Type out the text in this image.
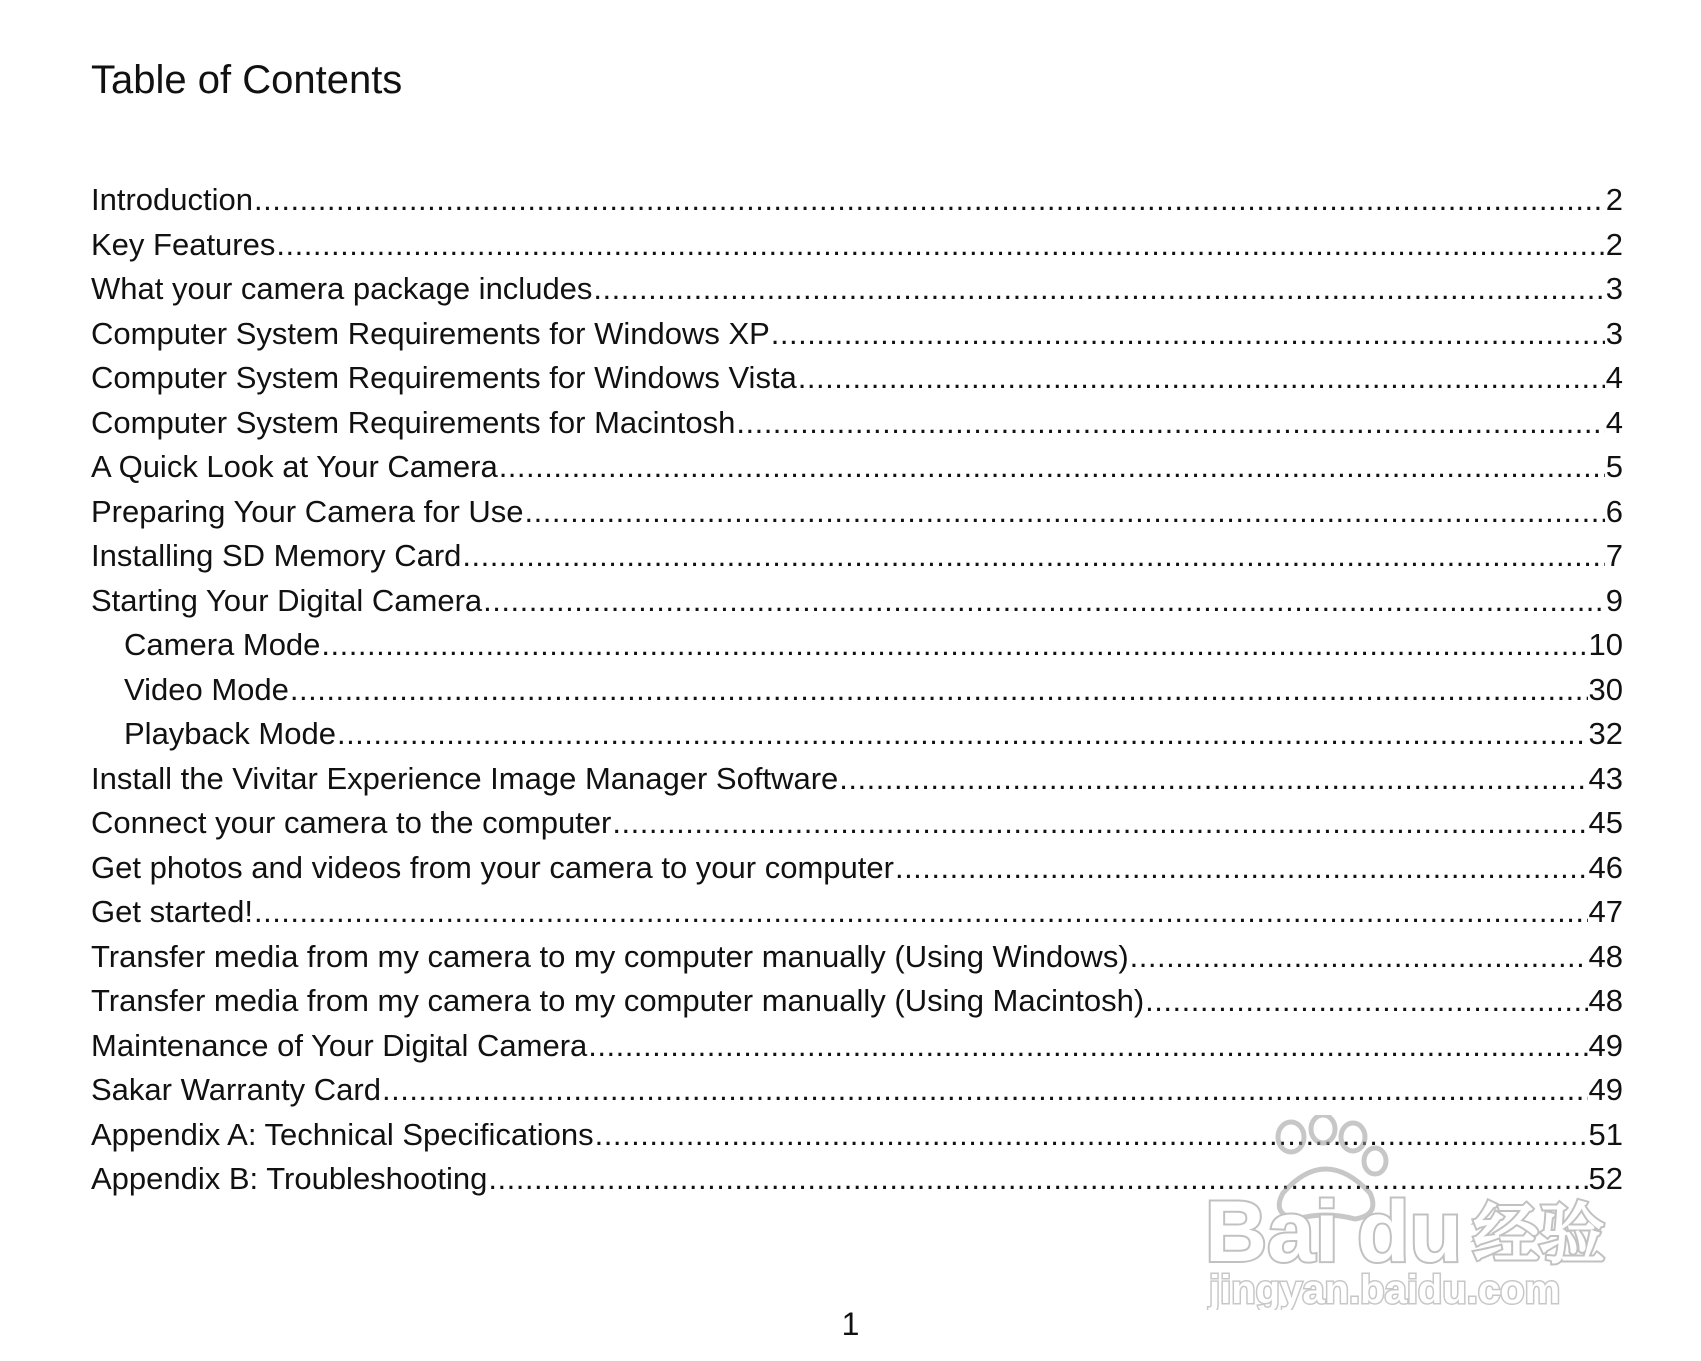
Table of Contents
Introduction .....	2
Key Features .....	2
What your camera package includes .....	3
Computer System Requirements for Windows XP .....	3
Computer System Requirements for Windows Vista .....	4
Computer System Requirements for Macintosh .....	4
A Quick Look at Your Camera .....	5
Preparing Your Camera for Use .....	6
Installing SD Memory Card .....	7
Starting Your Digital Camera .....	9
Camera Mode .....	10
Video Mode .....	30
Playback Mode .....	32
Install the Vivitar Experience Image Manager Software .....	43
Connect your camera to the computer .....	45
Get photos and videos from your camera to your computer .....	46
Get started! .....	47
Transfer media from my camera to my computer manually (Using Windows) .....	48
Transfer media from my camera to my computer manually (Using Macintosh) .....	48
Maintenance of Your Digital Camera .....	49
Sakar Warranty Card .....	49
Appendix A: Technical Specifications .....	51
Appendix B: Troubleshooting .....	52
Bai du 经验
jingyan.baidu.com
1
